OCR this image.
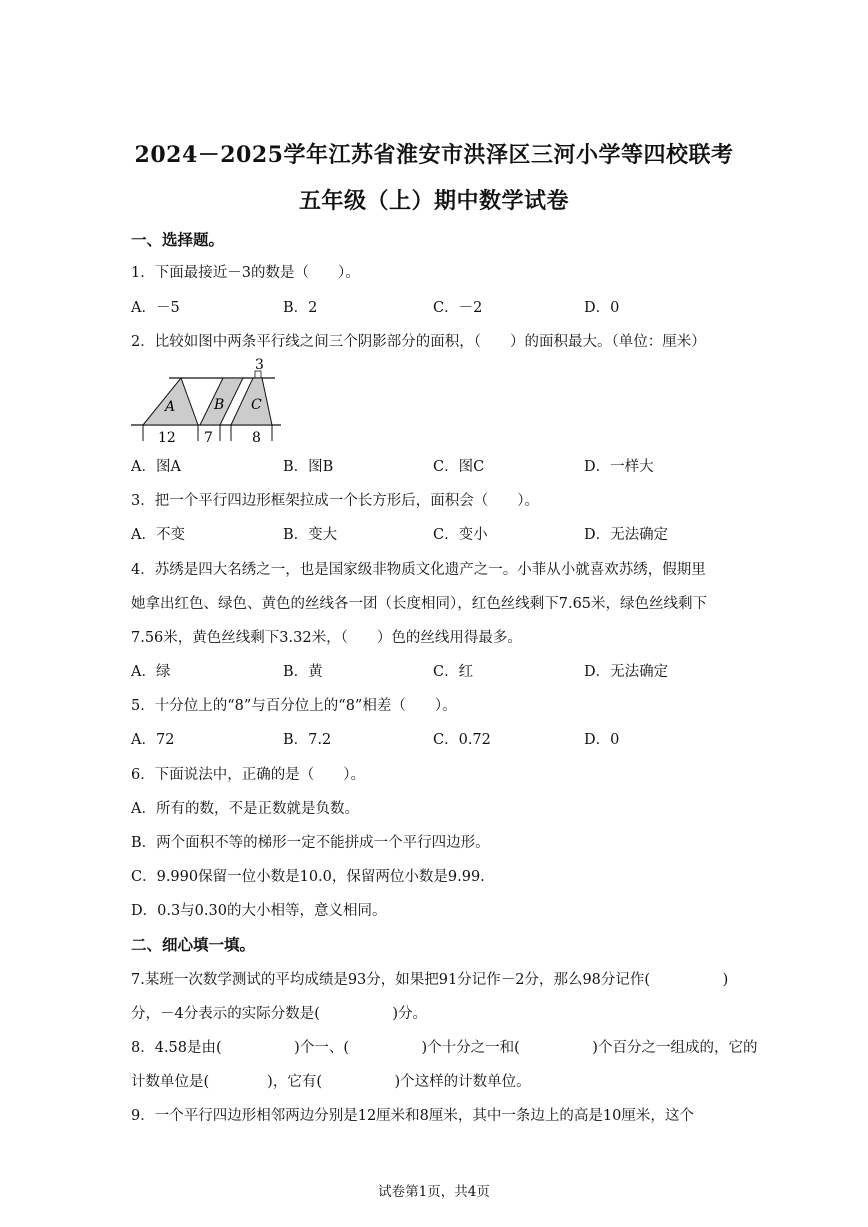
2024－2025学年江苏省淮安市洪泽区三河小学等四校联考
五年级（上）期中数学试卷
一、选择题。
1．下面最接近－3的数是（　　）。
A．－5	B．2	C．－2	D．0
2．比较如图中两条平行线之间三个阴影部分的面积，（　　）的面积最大。（单位：厘米）
A	B C
3
12 7	8
A．图A	B．图B	C．图C	D．一样大
3．把一个平行四边形框架拉成一个长方形后，面积会（　　）。
A．不变	B．变大	C．变小	D．无法确定
4．苏绣是四大名绣之一，也是国家级非物质文化遗产之一。小菲从小就喜欢苏绣，假期里
她拿出红色、绿色、黄色的丝线各一团（长度相同），红色丝线剩下7.65米，绿色丝线剩下
7.56米，黄色丝线剩下3.32米，（　　）色的丝线用得最多。
A．绿	B．黄	C．红	D．无法确定
5．十分位上的“8”与百分位上的“8”相差（　　）。
A．72	B．7.2	C．0.72	D．0
6．下面说法中，正确的是（　　）。
A．所有的数，不是正数就是负数。
B．两个面积不等的梯形一定不能拼成一个平行四边形。
C．9.990保留一位小数是10.0，保留两位小数是9.99.
D．0.3与0.30的大小相等，意义相同。
二、细心填一填。
7.某班一次数学测试的平均成绩是93分，如果把91分记作－2分，那么98分记作(　　　　　)
分，－4分表示的实际分数是(　　　　　)分。
8．4.58是由(　　　　　)个一、(　　　　　)个十分之一和(　　　　　)个百分之一组成的，它的
计数单位是(　　　　)，它有(　　　　　)个这样的计数单位。
9．一个平行四边形相邻两边分别是12厘米和8厘米，其中一条边上的高是10厘米，这个
试卷第1页，共4页
